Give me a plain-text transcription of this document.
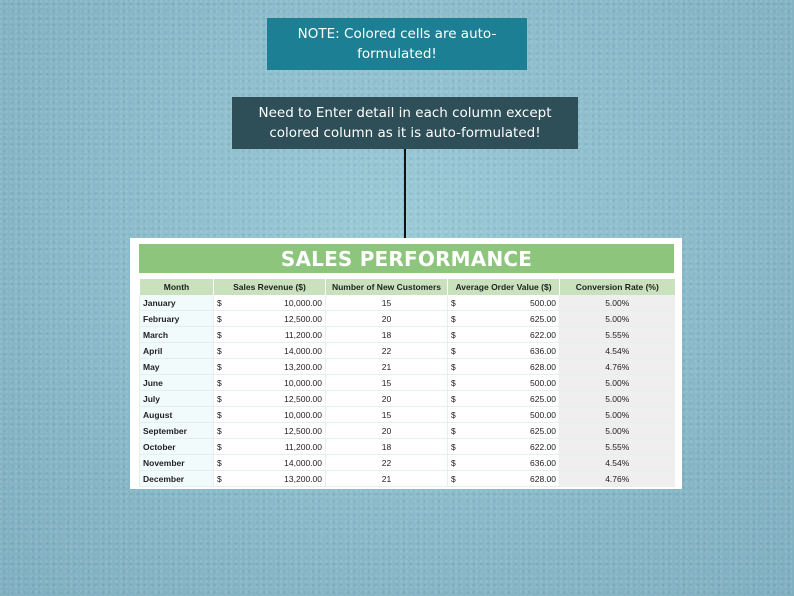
NOTE: Colored cells are auto-formulated!
Need to Enter detail in each column except colored column as it is auto-formulated!
SALES PERFORMANCE
Month	Sales Revenue ($)	Number of New Customers	Average Order Value ($)	Conversion Rate (%)
January	$ 10,000.00	15	$ 500.00	5.00%
February	$ 12,500.00	20	$ 625.00	5.00%
March	$ 11,200.00	18	$ 622.00	5.55%
April	$ 14,000.00	22	$ 636.00	4.54%
May	$ 13,200.00	21	$ 628.00	4.76%
June	$ 10,000.00	15	$ 500.00	5.00%
July	$ 12,500.00	20	$ 625.00	5.00%
August	$ 10,000.00	15	$ 500.00	5.00%
September	$ 12,500.00	20	$ 625.00	5.00%
October	$ 11,200.00	18	$ 622.00	5.55%
November	$ 14,000.00	22	$ 636.00	4.54%
December	$ 13,200.00	21	$ 628.00	4.76%
